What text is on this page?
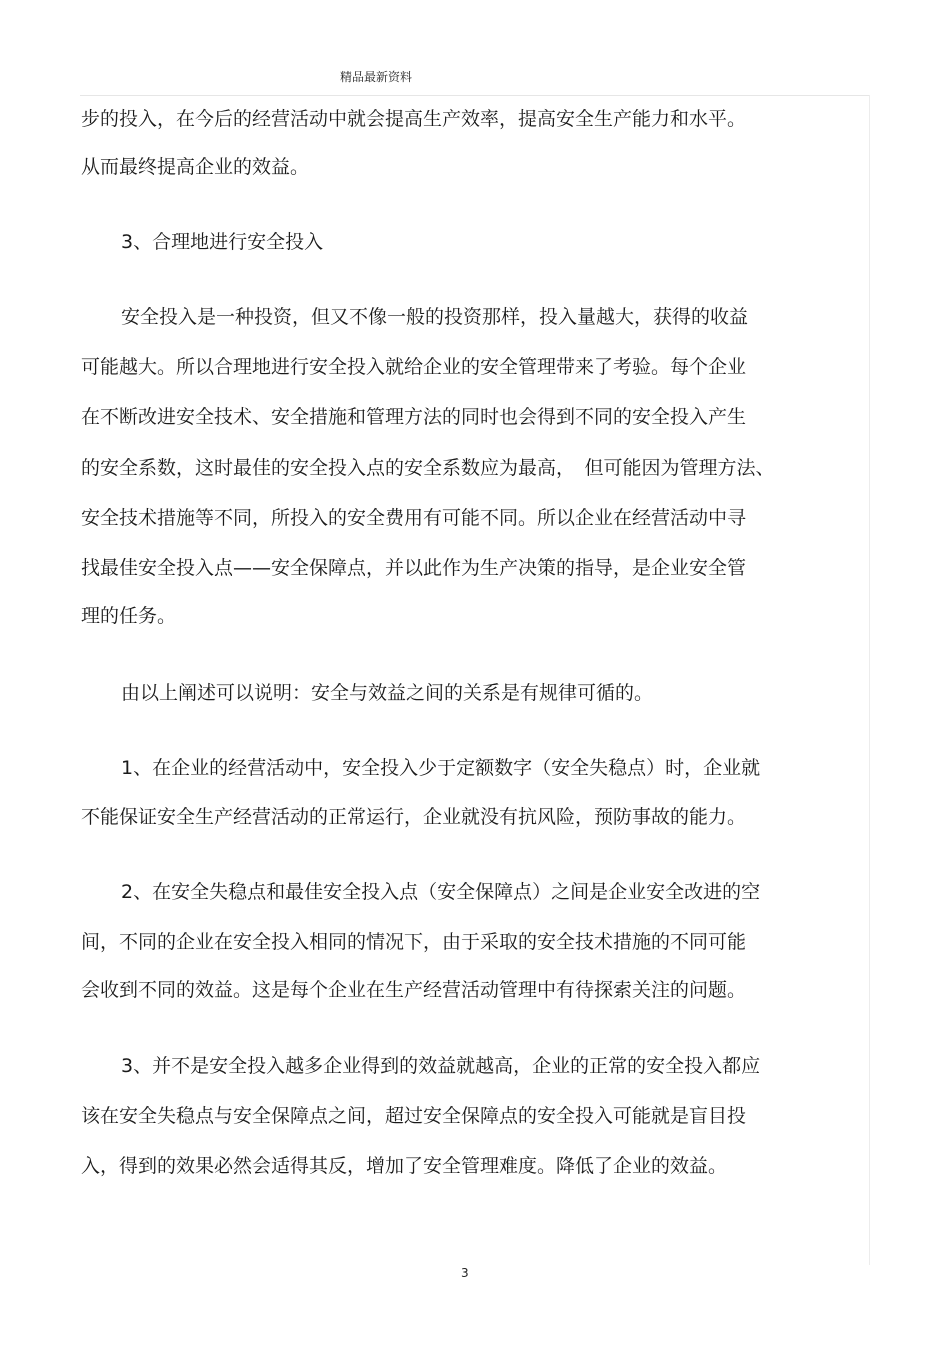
精品最新资料
步的投入，在今后的经营活动中就会提高生产效率，提高安全生产能力和水平。
从而最终提高企业的效益。
3、合理地进行安全投入
安全投入是一种投资，但又不像一般的投资那样，投入量越大，获得的收益
可能越大。所以合理地进行安全投入就给企业的安全管理带来了考验。每个企业
在不断改进安全技术、安全措施和管理方法的同时也会得到不同的安全投入产生
的安全系数，这时最佳的安全投入点的安全系数应为最高，　但可能因为管理方法、
安全技术措施等不同，所投入的安全费用有可能不同。所以企业在经营活动中寻
找最佳安全投入点——安全保障点，并以此作为生产决策的指导，是企业安全管
理的任务。
由以上阐述可以说明：安全与效益之间的关系是有规律可循的。
1、在企业的经营活动中，安全投入少于定额数字（安全失稳点）时，企业就
不能保证安全生产经营活动的正常运行，企业就没有抗风险，预防事故的能力。
2、在安全失稳点和最佳安全投入点（安全保障点）之间是企业安全改进的空
间，不同的企业在安全投入相同的情况下，由于采取的安全技术措施的不同可能
会收到不同的效益。这是每个企业在生产经营活动管理中有待探索关注的问题。
3、并不是安全投入越多企业得到的效益就越高，企业的正常的安全投入都应
该在安全失稳点与安全保障点之间，超过安全保障点的安全投入可能就是盲目投
入，得到的效果必然会适得其反，增加了安全管理难度。降低了企业的效益。
3
